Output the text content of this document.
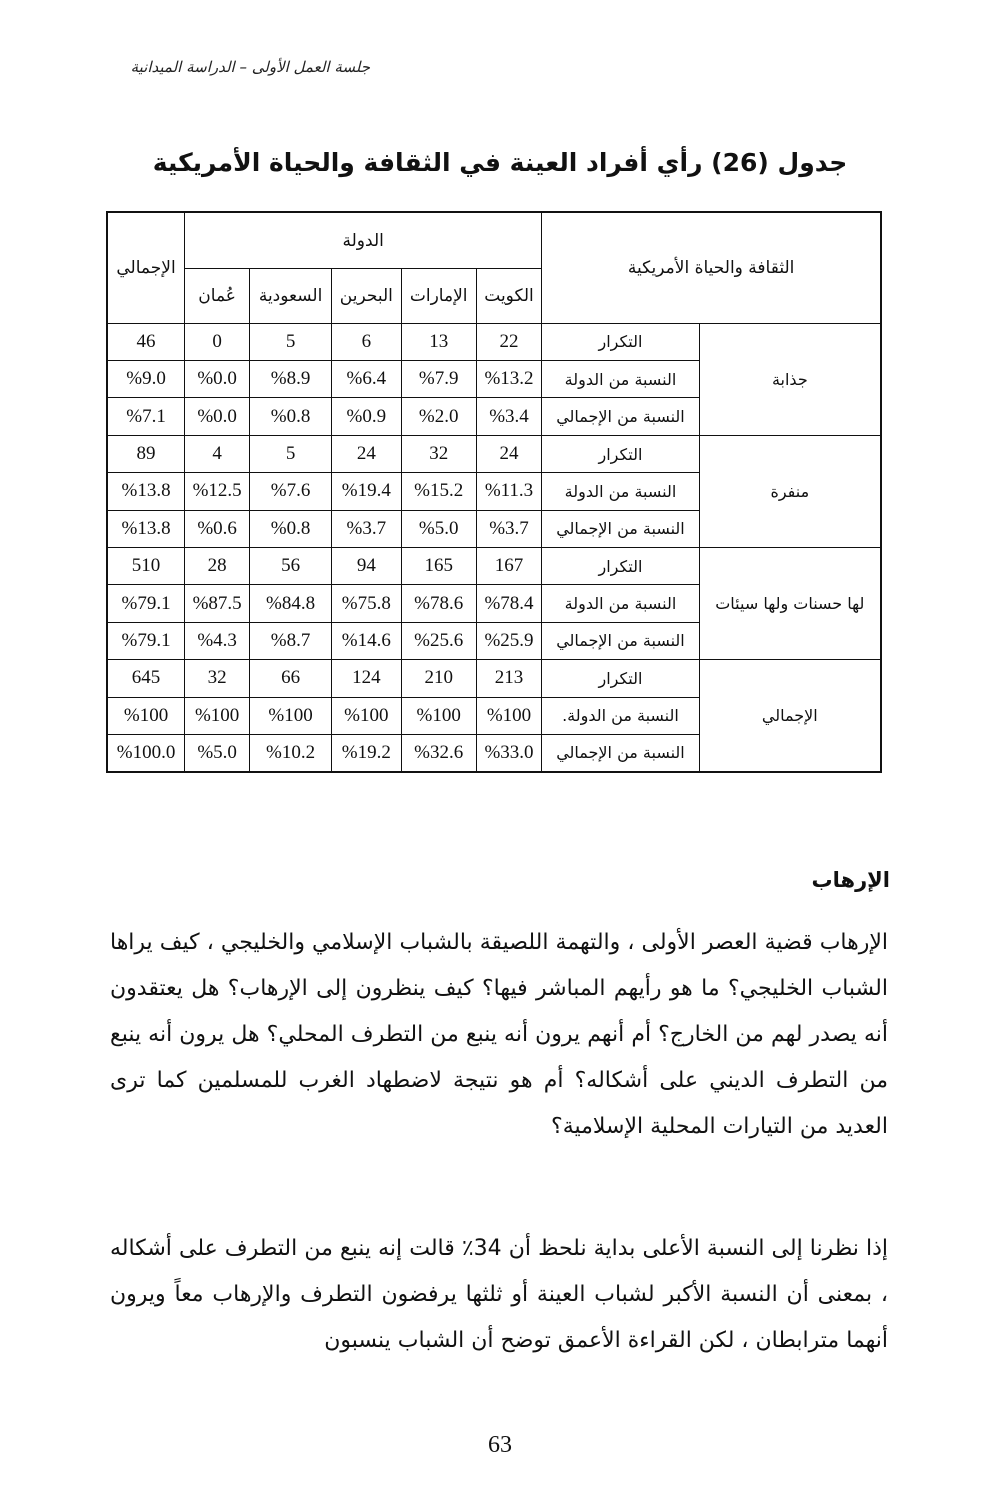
جلسة العمل الأولى – الدراسة الميدانية
جدول (26) رأي أفراد العينة في الثقافة والحياة الأمريكية
الثقافة والحياة الأمريكية		الدولة					الإجمالي
		الكويت	الإمارات	البحرين	السعودية	عُمان	
جذابة	التكرار	22	13	6	5	0	46
	النسبة من الدولة	%13.2	%7.9	%6.4	%8.9	%0.0	%9.0
	النسبة من الإجمالي	%3.4	%2.0	%0.9	%0.8	%0.0	%7.1
منفرة	التكرار	24	32	24	5	4	89
	النسبة من الدولة	%11.3	%15.2	%19.4	%7.6	%12.5	%13.8
	النسبة من الإجمالي	%3.7	%5.0	%3.7	%0.8	%0.6	%13.8
لها حسنات ولها سيئات	التكرار	167	165	94	56	28	510
	النسبة من الدولة	%78.4	%78.6	%75.8	%84.8	%87.5	%79.1
	النسبة من الإجمالي	%25.9	%25.6	%14.6	%8.7	%4.3	%79.1
الإجمالي	التكرار	213	210	124	66	32	645
	النسبة من الدولة.	%100	%100	%100	%100	%100	%100
	النسبة من الإجمالي	%33.0	%32.6	%19.2	%10.2	%5.0	%100.0
الإرهاب

الإرهاب قضية العصر الأولى ، والتهمة اللصيقة بالشباب الإسلامي والخليجي ، كيف يراها الشباب الخليجي؟ ما هو رأيهم المباشر فيها؟ كيف ينظرون إلى الإرهاب؟ هل يعتقدون أنه يصدر لهم من الخارج؟ أم أنهم يرون أنه ينبع من التطرف المحلي؟ هل يرون أنه ينبع من التطرف الديني على أشكاله؟ أم هو نتيجة لاضطهاد الغرب للمسلمين كما ترى العديد من التيارات المحلية الإسلامية؟

إذا نظرنا إلى النسبة الأعلى بداية نلحظ أن 34٪ قالت إنه ينبع من التطرف على أشكاله ، بمعنى أن النسبة الأكبر لشباب العينة أو ثلثها يرفضون التطرف والإرهاب معاً ويرون أنهما مترابطان ، لكن القراءة الأعمق توضح أن الشباب ينسبون

63
